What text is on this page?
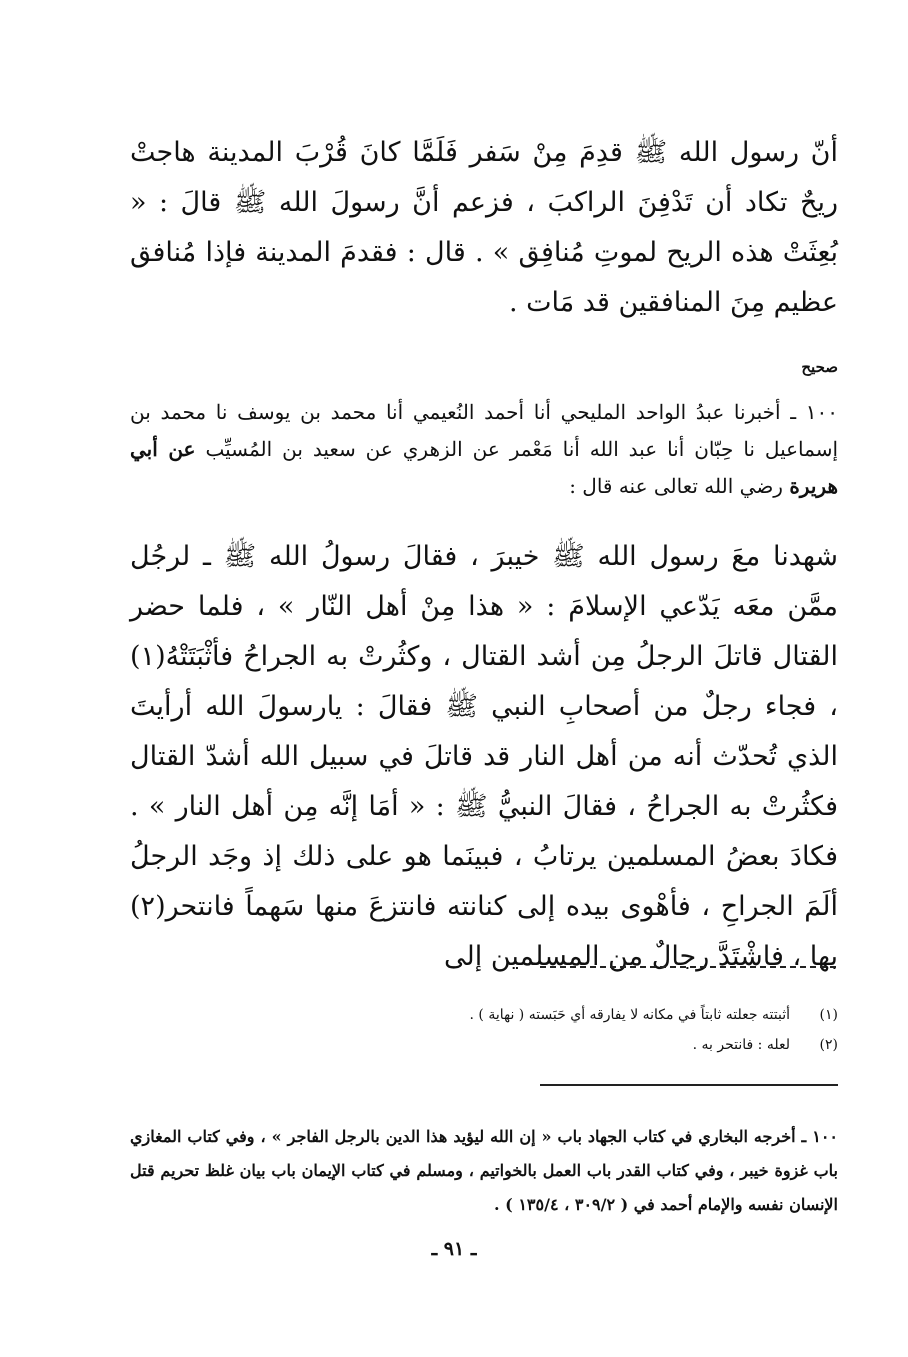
أنّ رسول الله ﷺ قدِمَ مِنْ سَفر فَلَمَّا كانَ قُرْبَ المدينة هاجتْ ريحٌ تكاد أن تَدْفِنَ الراكبَ ، فزعم أنَّ رسولَ الله ﷺ قالَ : « بُعِثَتْ هذه الريح لموتِ مُنافِق » . قال : فقدمَ المدينة فإذا مُنافق عظيم مِنَ المنافقين قد مَات .

صحيح

١٠٠ ـ أخبرنا عبدُ الواحد المليحي أنا أحمد النُعيمي أنا محمد بن يوسف نا محمد بن إسماعيل نا حِبّان أنا عبد الله أنا مَعْمر عن الزهري عن سعيد بن المُسيِّب عن أبي هريرة رضي الله تعالى عنه قال :

شهدنا معَ رسول الله ﷺ خيبرَ ، فقالَ رسولُ الله ﷺ ـ لرجُل ممَّن معَه يَدّعي الإسلامَ : « هذا مِنْ أهل النّار » ، فلما حضر القتال قاتلَ الرجلُ مِن أشد القتال ، وكثُرتْ به الجراحُ فأثْبَتَتْهُ(١) ، فجاء رجلٌ من أصحابِ النبي ﷺ فقالَ : يارسولَ الله أرأيتَ الذي تُحدّث أنه من أهل النار قد قاتلَ في سبيل الله أشدّ القتال فكثُرتْ به الجراحُ ، فقالَ النبيُّ ﷺ : « أمَا إنَّه مِن أهل النار » . فكادَ بعضُ المسلمين يرتابُ ، فبينَما هو على ذلك إذ وجَد الرجلُ ألَمَ الجراحِ ، فأهْوى بيده إلى كنانته فانتزعَ منها سَهماً فانتحر(٢) بها ، فاشْتَدَّ رجالٌ من المسلمين إلى

(١)
أثبتته جعلته ثابتاً في مكانه لا يفارقه أي حَبَسته ( نهاية ) .
(٢)
لعله : فانتحر به .

١٠٠ ـ أخرجه البخاري في كتاب الجهاد باب « إن الله ليؤيد هذا الدين بالرجل الفاجر » ، وفي كتاب المغازي باب غزوة خيبر ، وفي كتاب القدر باب العمل بالخواتيم ، ومسلم في كتاب الإيمان باب بيان غلظ تحريم قتل الإنسان نفسه والإمام أحمد في ( ٣٠٩/٢ ، ١٣٥/٤ ) .

ـ ٩١ ـ
